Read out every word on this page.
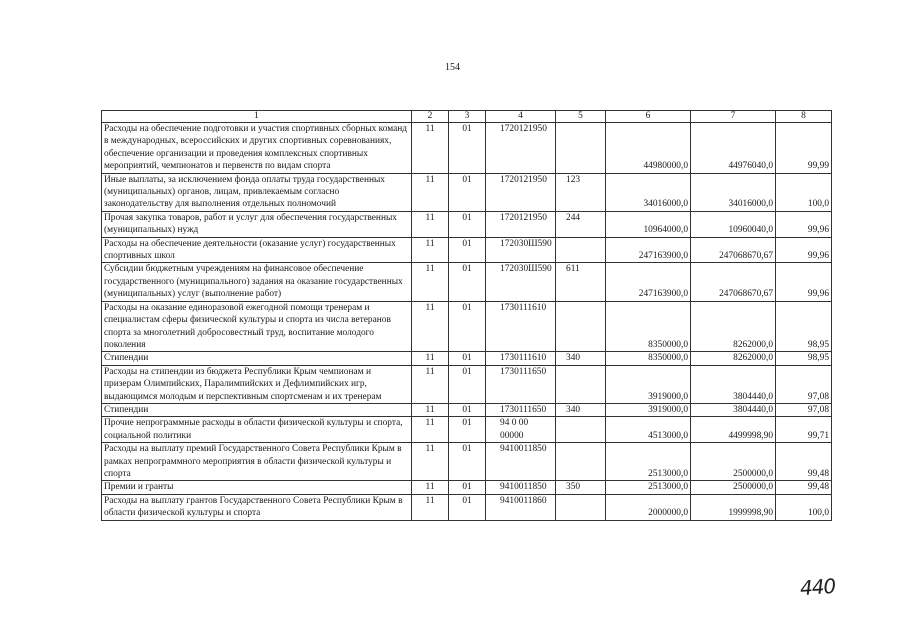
154
1	2	3	4	5	6	7	8
Расходы на обеспечение подготовки и участия спортивных сборных команд в международных, всероссийских и других спортивных соревнованиях, обеспечение организации и проведения комплексных спортивных мероприятий, чемпионатов и первенств по видам спорта	11	01	1720121950		44980000,0	44976040,0	99,99
Иные выплаты, за исключением фонда оплаты труда государственных (муниципальных) органов, лицам, привлекаемым согласно законодательству для выполнения отдельных полномочий	11	01	1720121950	123	34016000,0	34016000,0	100,0
Прочая закупка товаров, работ и услуг для обеспечения государственных (муниципальных) нужд	11	01	1720121950	244	10964000,0	10960040,0	99,96
Расходы на обеспечение деятельности (оказание услуг) государственных спортивных школ	11	01	172030Ш590		247163900,0	247068670,67	99,96
Субсидии бюджетным учреждениям на финансовое обеспечение государственного (муниципального) задания на оказание государственных (муниципальных) услуг (выполнение работ)	11	01	172030Ш590	611	247163900,0	247068670,67	99,96
Расходы на оказание единоразовой ежегодной помощи тренерам и специалистам сферы физической культуры и спорта из числа ветеранов спорта за многолетний добросовестный труд, воспитание молодого поколения	11	01	1730111610		8350000,0	8262000,0	98,95
Стипендии	11	01	1730111610	340	8350000,0	8262000,0	98,95
Расходы на стипендии из бюджета Республики Крым чемпионам и призерам Олимпийских, Паралимпийских и Дефлимпийских игр, выдающимся молодым и перспективным спортсменам и их тренерам	11	01	1730111650		3919000,0	3804440,0	97,08
Стипендии	11	01	1730111650	340	3919000,0	3804440,0	97,08
Прочие непрограммные расходы в области физической культуры и спорта, социальной политики	11	01	94 0 00 00000		4513000,0	4499998,90	99,71
Расходы на выплату премий Государственного Совета Республики Крым в рамках непрограммного мероприятия в области физической культуры и спорта	11	01	9410011850		2513000,0	2500000,0	99,48
Премии и гранты	11	01	9410011850	350	2513000,0	2500000,0	99,48
Расходы на выплату грантов Государственного Совета Республики Крым в области физической культуры и спорта	11	01	9410011860		2000000,0	1999998,90	100,0
440
